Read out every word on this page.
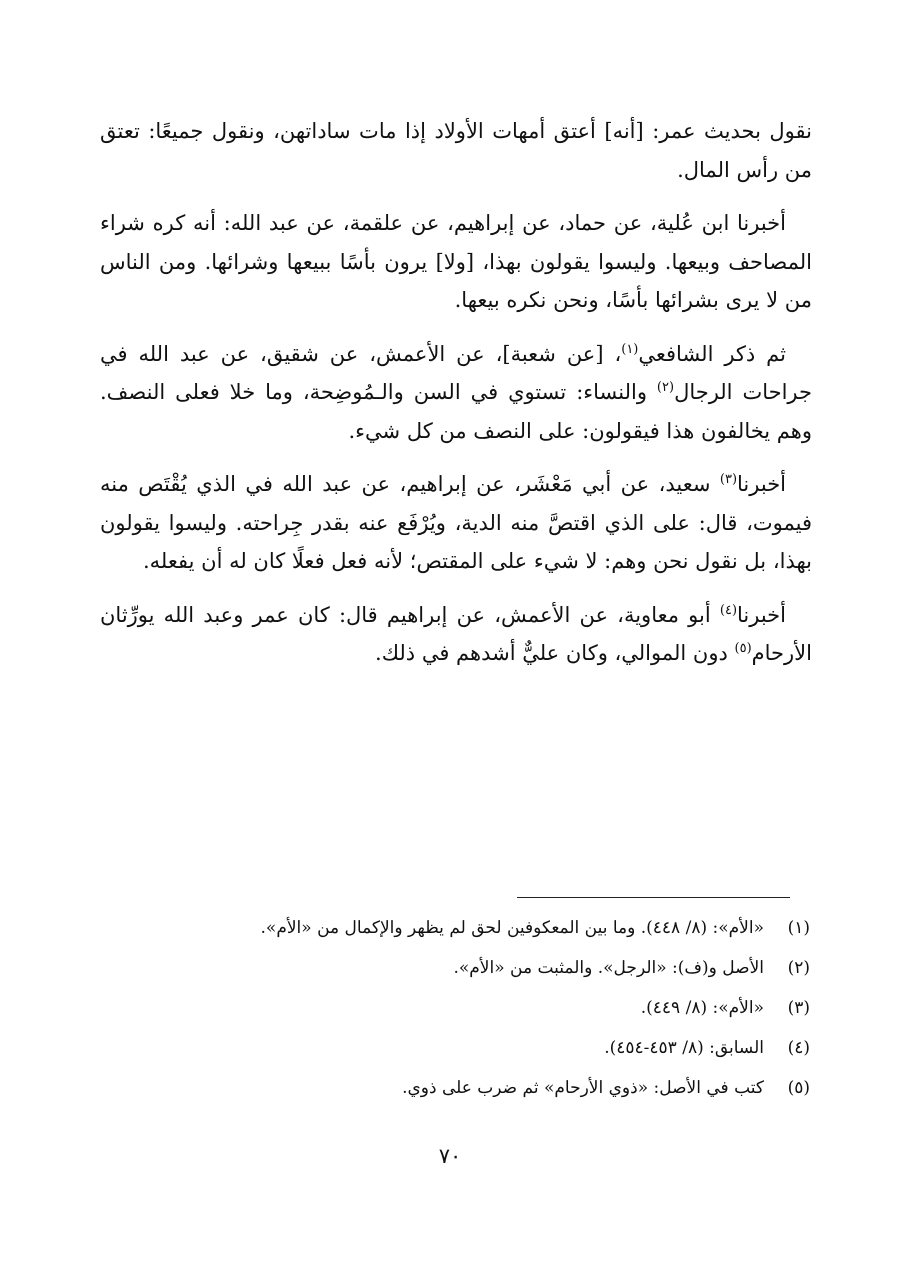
نقول بحديث عمر: [أنه] أعتق أمهات الأولاد إذا مات ساداتهن، ونقول جميعًا: تعتق من رأس المال.

أخبرنا ابن عُلية، عن حماد، عن إبراهيم، عن علقمة، عن عبد الله: أنه كره شراء المصاحف وبيعها. وليسوا يقولون بهذا، [ولا] يرون بأسًا ببيعها وشرائها. ومن الناس من لا يرى بشرائها بأسًا، ونحن نكره بيعها.

ثم ذكر الشافعي$^{(١)}$، [عن شعبة]، عن الأعمش، عن شقيق، عن عبد الله في جراحات الرجال$^{(٢)}$ والنساء: تستوي في السن والـمُوضِحة، وما خلا فعلى النصف. وهم يخالفون هذا فيقولون: على النصف من كل شيء.

أخبرنا$^{(٣)}$ سعيد، عن أبي مَعْشَر، عن إبراهيم، عن عبد الله في الذي يُقْتَص منه فيموت، قال: على الذي اقتصَّ منه الدية، ويُرْفَع عنه بقدر جِراحته. وليسوا يقولون بهذا، بل نقول نحن وهم: لا شيء على المقتص؛ لأنه فعل فعلًا كان له أن يفعله.

أخبرنا$^{(٤)}$ أبو معاوية، عن الأعمش، عن إبراهيم قال: كان عمر وعبد الله يورِّثان الأرحام$^{(٥)}$ دون الموالي، وكان عليٌّ أشدهم في ذلك.

(١)«الأم»: (٨/ ٤٤٨). وما بين المعكوفين لحق لم يظهر والإكمال من «الأم».
(٢)الأصل و(ف): «الرجل». والمثبت من «الأم».
(٣)«الأم»: (٨/ ٤٤٩).
(٤)السابق: (٨/ ٤٥٣-٤٥٤).
(٥)كتب في الأصل: «ذوي الأرحام» ثم ضرب على ذوي.
٧٠
